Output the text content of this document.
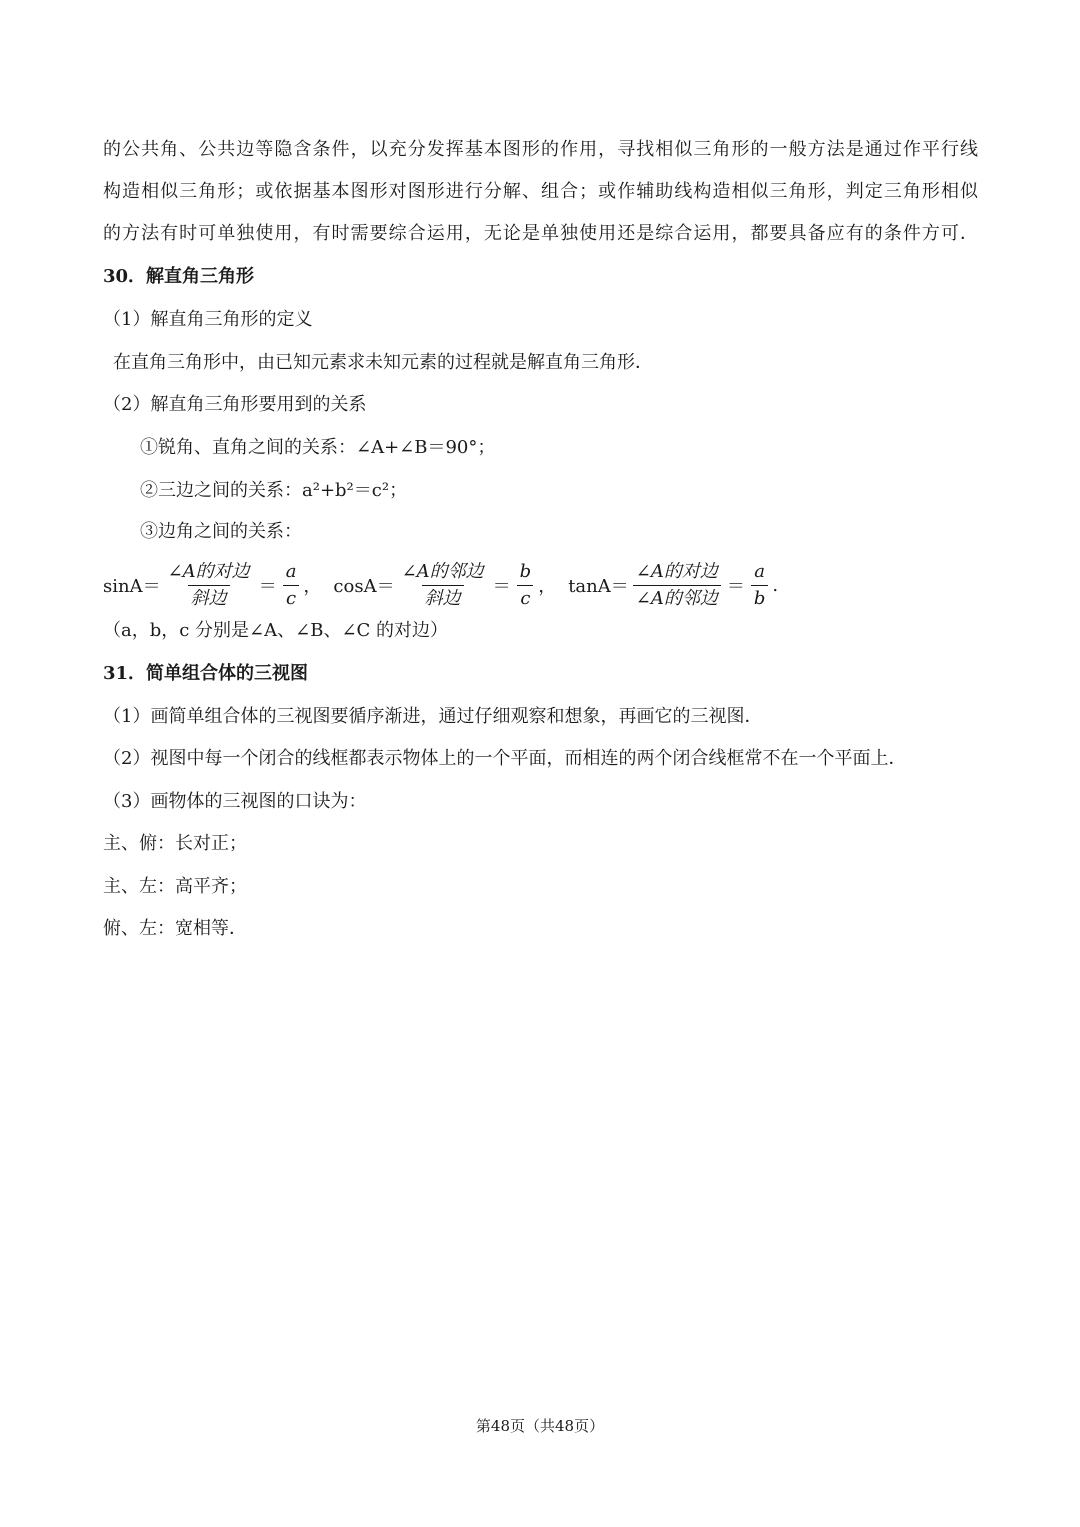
的公共角、公共边等隐含条件，以充分发挥基本图形的作用，寻找相似三角形的一般方法是通过作平行线
构造相似三角形；或依据基本图形对图形进行分解、组合；或作辅助线构造相似三角形，判定三角形相似
的方法有时可单独使用，有时需要综合运用，无论是单独使用还是综合运用，都要具备应有的条件方可．
30．解直角三角形
（1）解直角三角形的定义
在直角三角形中，由已知元素求未知元素的过程就是解直角三角形．
（2）解直角三角形要用到的关系
①锐角、直角之间的关系：∠A+∠B＝90°；
②三边之间的关系：a²+b²＝c²；
③边角之间的关系：
$\sin A= \frac{\text{∠A的对边}}{\text{斜边}} = \frac{a}{c}$ ， $\cos A= \frac{\text{∠A的邻边}}{\text{斜边}} = \frac{b}{c}$ ， $\tan A= \frac{\text{∠A的对边}}{\text{∠A的邻边}} = \frac{a}{b}$ .
（a，b，c 分别是∠A、∠B、∠C 的对边）
31．简单组合体的三视图
（1）画简单组合体的三视图要循序渐进，通过仔细观察和想象，再画它的三视图．
（2）视图中每一个闭合的线框都表示物体上的一个平面，而相连的两个闭合线框常不在一个平面上．
（3）画物体的三视图的口诀为：
主、俯：长对正；
主、左：高平齐；
俯、左：宽相等．
第48页（共48页）
